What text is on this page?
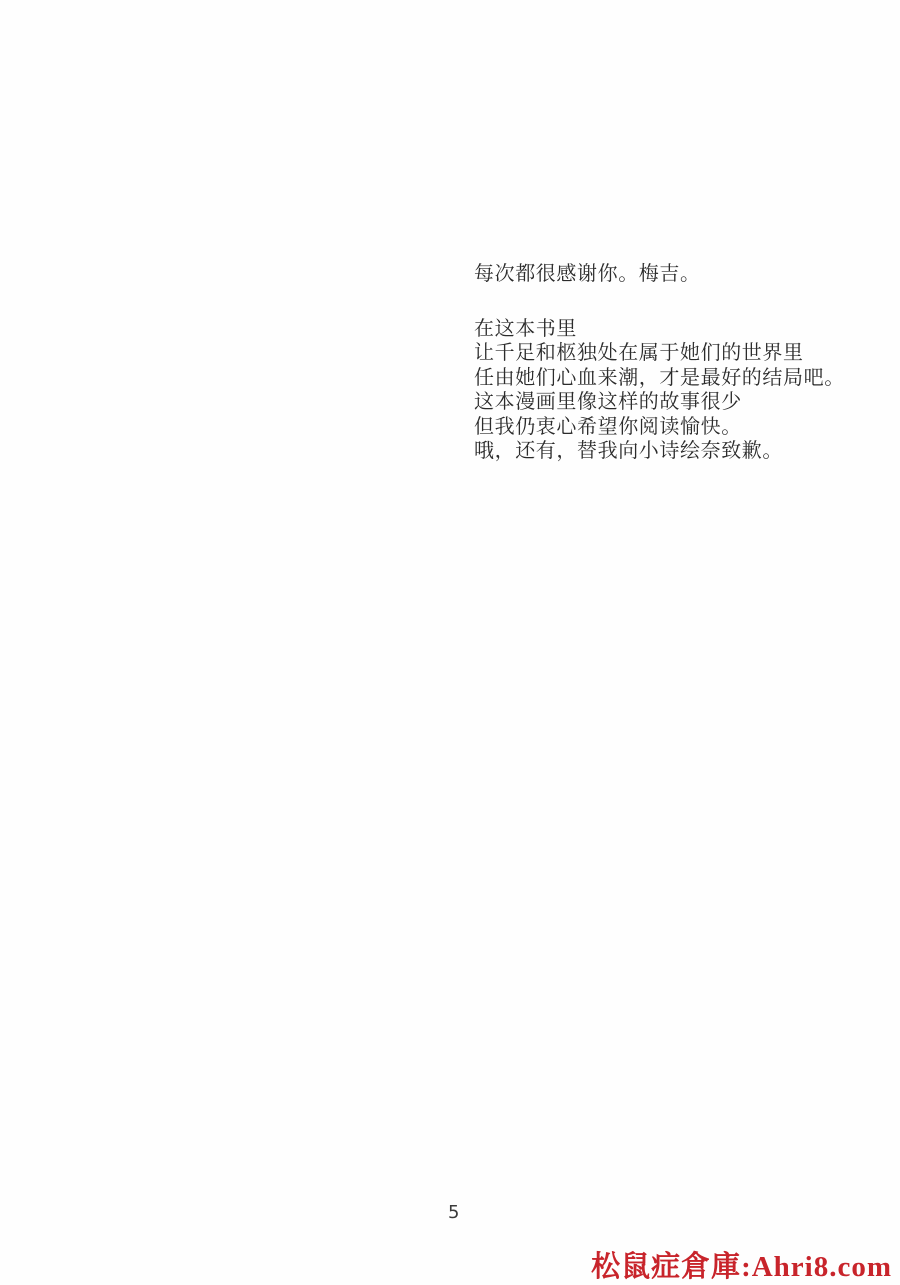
每次都很感谢你。梅吉。
在这本书里
让千足和柩独处在属于她们的世界里
任由她们心血来潮，才是最好的结局吧。
这本漫画里像这样的故事很少
但我仍衷心希望你阅读愉快。
哦，还有，替我向小诗绘奈致歉。
5
松鼠症倉庫:Ahri8.com
